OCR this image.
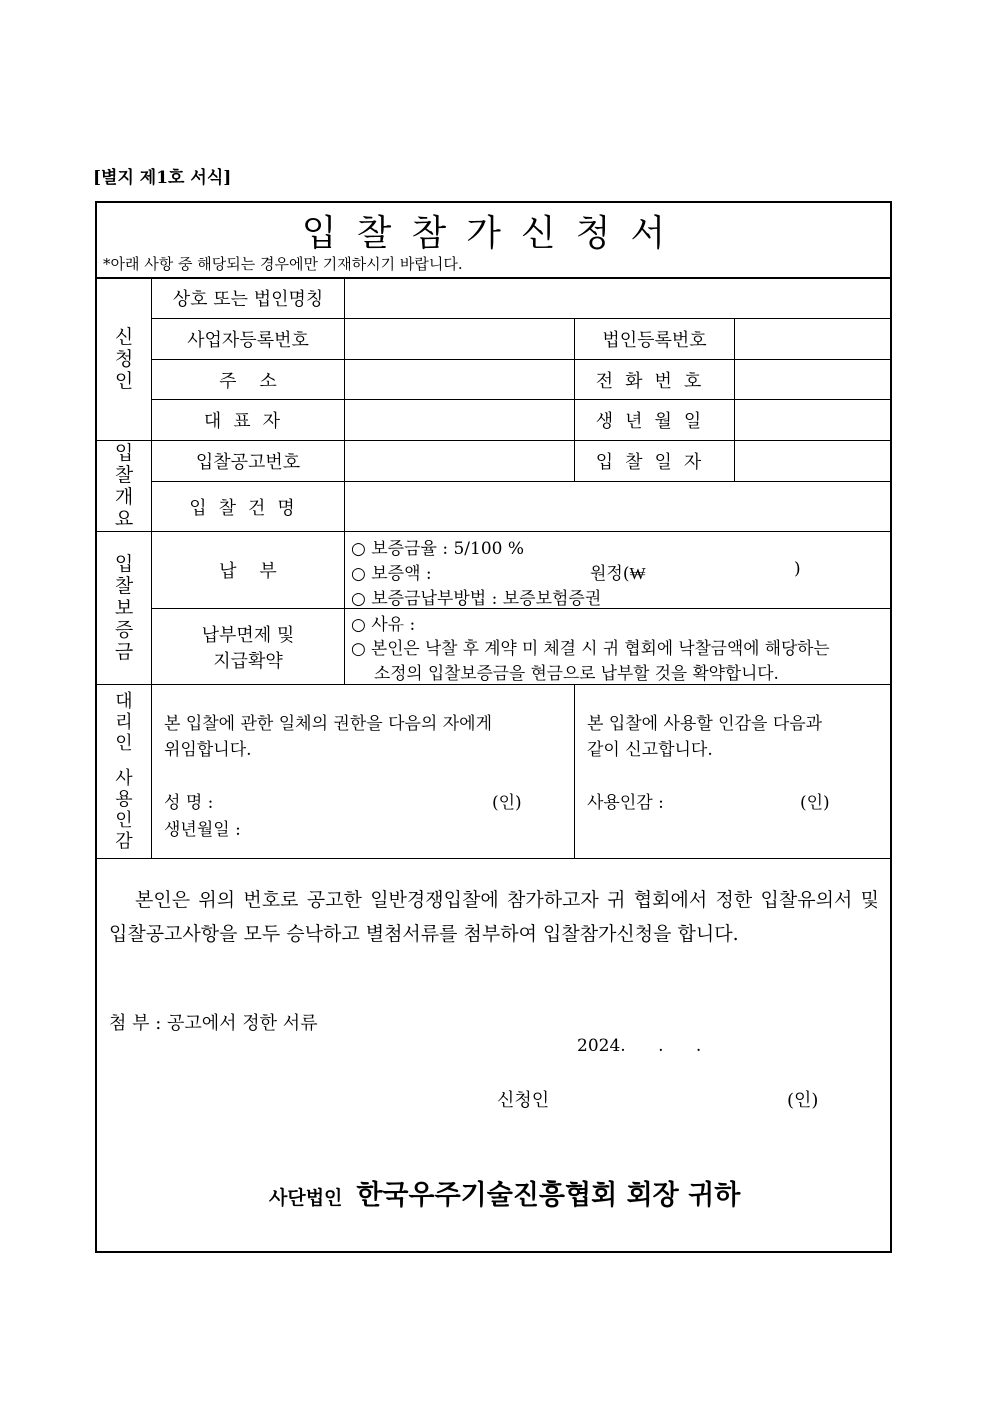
[별지 제1호 서식]
입찰참가신청서
*아래 사항 중 해당되는 경우에만 기재하시기 바랍니다.
신
청
인
상호 또는 법인명칭
사업자등록번호	법인등록번호
주    소	전화번호
대표자	생년월일
입
찰
개
요
입찰공고번호	입찰일자
입찰건명
입
찰
보
증
금
납    부
○ 보증금율 : 5/100 %
○ 보증액 :	원정(₩	)
○ 보증금납부방법 : 보증보험증권
납부면제 및
지급확약
○ 사유 :
○ 본인은 낙찰 후 계약 미 체결 시 귀 협회에 낙찰금액에 해당하는
소정의 입찰보증금을 현금으로 납부할 것을 확약합니다.
대
리
인
사
용
인
감
본 입찰에 관한 일체의 권한을 다음의 자에게
위임합니다.
성 명 :	(인)
생년월일 :
본 입찰에 사용할 인감을 다음과
같이 신고합니다.
사용인감 :	(인)
본인은 위의 번호로 공고한 일반경쟁입찰에 참가하고자 귀 협회에서 정한 입찰유의서 및 입찰공고사항을 모두 승낙하고 별첨서류를 첨부하여 입찰참가신청을 합니다.
첨 부 : 공고에서 정한 서류
2024.      .      .
신청인	(인)
사단법인 한국우주기술진흥협회 회장 귀하
